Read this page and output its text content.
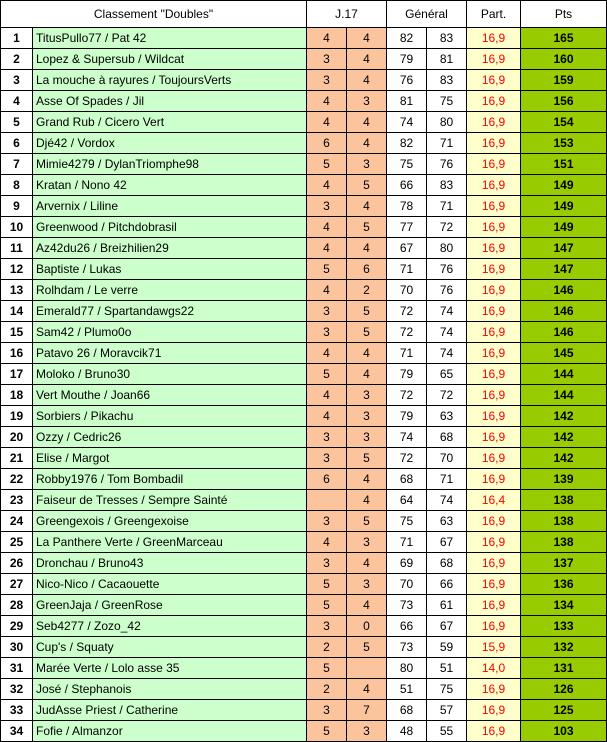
Classement "Doubles"		J.17		Général		Part.	Pts
1	TitusPullo77 / Pat 42	4	4	82	83	16,9	165
2	Lopez & Supersub / Wildcat	3	4	79	81	16,9	160
3	La mouche à rayures / ToujoursVerts	3	4	76	83	16,9	159
4	Asse Of Spades / Jil	4	3	81	75	16,9	156
5	Grand Rub / Cicero Vert	4	4	74	80	16,9	154
6	Djé42 / Vordox	6	4	82	71	16,9	153
7	Mimie4279 / DylanTriomphe98	5	3	75	76	16,9	151
8	Kratan / Nono 42	4	5	66	83	16,9	149
9	Arvernix / Liline	3	4	78	71	16,9	149
10	Greenwood / Pitchdobrasil	4	5	77	72	16,9	149
11	Az42du26 / Breizhilien29	4	4	67	80	16,9	147
12	Baptiste / Lukas	5	6	71	76	16,9	147
13	Rolhdam / Le verre	4	2	70	76	16,9	146
14	Emerald77 / Spartandawgs22	3	5	72	74	16,9	146
15	Sam42 / Plumo0o	3	5	72	74	16,9	146
16	Patavo 26 / Moravcik71	4	4	71	74	16,9	145
17	Moloko / Bruno30	5	4	79	65	16,9	144
18	Vert Mouthe / Joan66	4	3	72	72	16,9	144
19	Sorbiers / Pikachu	4	3	79	63	16,9	142
20	Ozzy / Cedric26	3	3	74	68	16,9	142
21	Elise / Margot	3	5	72	70	16,9	142
22	Robby1976 / Tom Bombadil	6	4	68	71	16,9	139
23	Faiseur de Tresses / Sempre Sainté		4	64	74	16,4	138
24	Greengexois / Greengexoise	3	5	75	63	16,9	138
25	La Panthere Verte / GreenMarceau	4	3	71	67	16,9	138
26	Dronchau / Bruno43	3	4	69	68	16,9	137
27	Nico-Nico / Cacaouette	5	3	70	66	16,9	136
28	GreenJaja / GreenRose	5	4	73	61	16,9	134
29	Seb4277 / Zozo_42	3	0	66	67	16,9	133
30	Cup's / Squaty	2	5	73	59	15,9	132
31	Marée Verte / Lolo asse 35	5		80	51	14,0	131
32	José / Stephanois	2	4	51	75	16,9	126
33	JudAsse Priest / Catherine	3	7	68	57	16,9	125
34	Fofie / Almanzor	5	3	48	55	16,9	103
